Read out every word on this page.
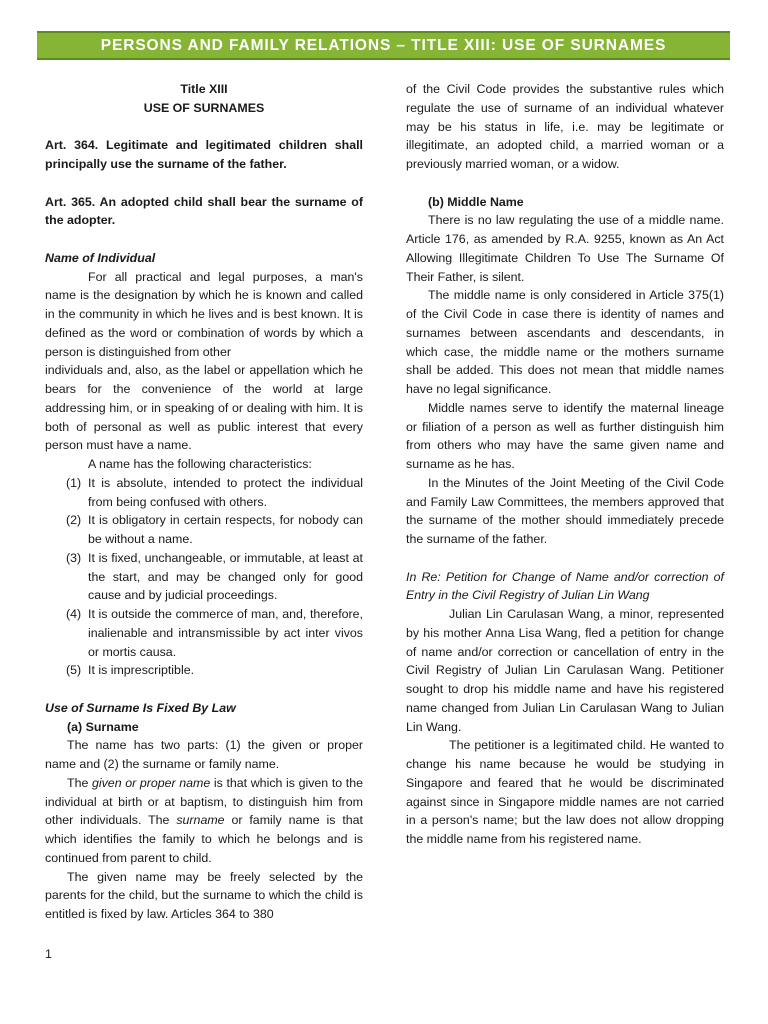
PERSONS AND FAMILY RELATIONS – TITLE XIII: USE OF SURNAMES

Title XIII

USE OF SURNAMES

Art. 364. Legitimate and legitimated children shall principally use the surname of the father.

Art. 365. An adopted child shall bear the surname of the adopter.

Name of Individual

For all practical and legal purposes, a man's name is the designation by which he is known and called in the community in which he lives and is best known. It is defined as the word or combination of words by which a person is distinguished from other

individuals and, also, as the label or appellation which he bears for the convenience of the world at large addressing him, or in speaking of or dealing with him. It is both of personal as well as public interest that every person must have a name.

A name has the following characteristics:

(1) It is absolute, intended to protect the individual from being confused with others.
(2) It is obligatory in certain respects, for nobody can be without a name.
(3) It is fixed, unchangeable, or immutable, at least at the start, and may be changed only for good cause and by judicial proceedings.
(4) It is outside the commerce of man, and, therefore, inalienable and intransmissible by act inter vivos or mortis causa.
(5) It is imprescriptible.

Use of Surname Is Fixed By Law

(a) Surname

The name has two parts: (1) the given or proper name and (2) the surname or family name.

The given or proper name is that which is given to the individual at birth or at baptism, to distinguish him from other individuals. The surname or family name is that which identifies the family to which he belongs and is continued from parent to child.

The given name may be freely selected by the parents for the child, but the surname to which the child is entitled is fixed by law. Articles 364 to 380

of the Civil Code provides the substantive rules which regulate the use of surname of an individual whatever may be his status in life, i.e. may be legitimate or illegitimate, an adopted child, a married woman or a previously married woman, or a widow.

(b) Middle Name

There is no law regulating the use of a middle name. Article 176, as amended by R.A. 9255, known as An Act Allowing Illegitimate Children To Use The Surname Of Their Father, is silent.

The middle name is only considered in Article 375(1) of the Civil Code in case there is identity of names and surnames between ascendants and descendants, in which case, the middle name or the mothers surname shall be added. This does not mean that middle names have no legal significance.

Middle names serve to identify the maternal lineage or filiation of a person as well as further distinguish him from others who may have the same given name and surname as he has.

In the Minutes of the Joint Meeting of the Civil Code and Family Law Committees, the members approved that the surname of the mother should immediately precede the surname of the father.

In Re: Petition for Change of Name and/or correction of Entry in the Civil Registry of Julian Lin Wang

Julian Lin Carulasan Wang, a minor, represented by his mother Anna Lisa Wang, fled a petition for change of name and/or correction or cancellation of entry in the Civil Registry of Julian Lin Carulasan Wang. Petitioner sought to drop his middle name and have his registered name changed from Julian Lin Carulasan Wang to Julian Lin Wang.

The petitioner is a legitimated child. He wanted to change his name because he would be studying in Singapore and feared that he would be discriminated against since in Singapore middle names are not carried in a person's name; but the law does not allow dropping the middle name from his registered name.

1
